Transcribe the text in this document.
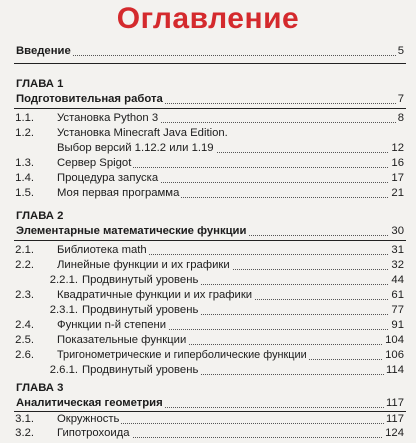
Оглавление
Введение	5
ГЛАВА 1
Подготовительная работа	7
1.1. Установка Python 3	8
1.2. Установка Minecraft Java Edition.
Выбор версий 1.12.2 или 1.19	12
1.3. Сервер Spigot	16
1.4. Процедура запуска	17
1.5. Моя первая программа	21
ГЛАВА 2
Элементарные математические функции	30
2.1. Библиотека math	31
2.2. Линейные функции и их графики	32
2.2.1. Продвинутый уровень	44
2.3. Квадратичные функции и их графики	61
2.3.1. Продвинутый уровень	77
2.4. Функции n-й степени	91
2.5. Показательные функции	104
2.6. Тригонометрические и гиперболические функции	106
2.6.1. Продвинутый уровень	114
ГЛАВА 3
Аналитическая геометрия	117
3.1. Окружность	117
3.2. Гипотрохоида	124
